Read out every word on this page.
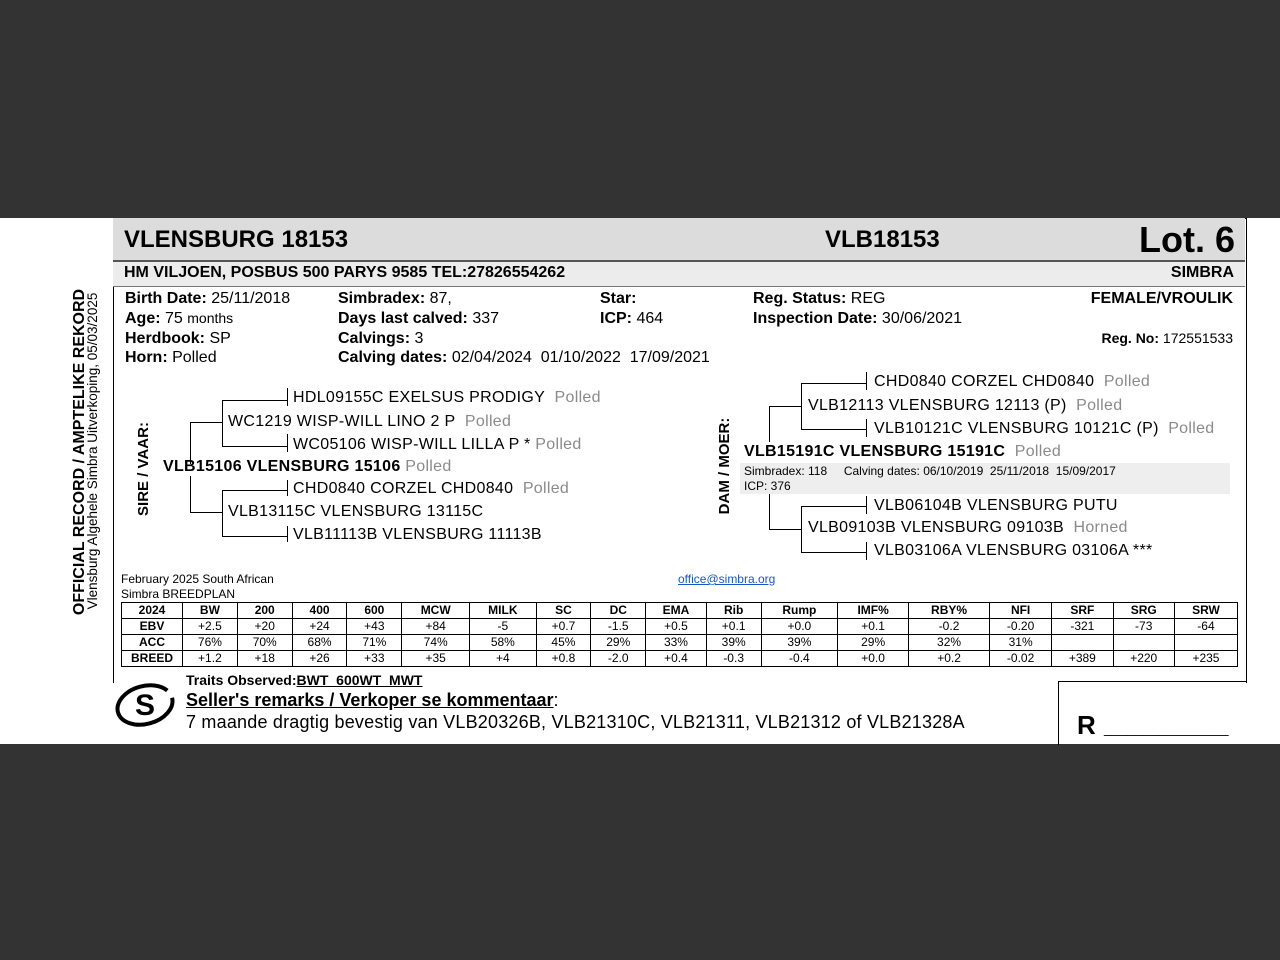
OFFICIAL RECORD / AMPTELIKE REKORD
Vlensburg Algehele Simbra Uitverkoping, 05/03/2025
VLENSBURG 18153	VLB18153	Lot. 6
HM VILJOEN, POSBUS 500 PARYS 9585 TEL:27826554262	SIMBRA
Birth Date: 25/11/2018
Age: 75 months
Herdbook: SP
Horn: Polled
Simbradex: 87,
Days last calved: 337
Calvings: 3
Calving dates: 02/04/2024  01/10/2022  17/09/2021
Star:
ICP: 464
Reg. Status: REG
Inspection Date: 30/06/2021
FEMALE/VROULIK
Reg. No: 172551533
SIRE / VAAR:
HDL09155C EXELSUS PRODIGY Polled
WC1219 WISP-WILL LINO 2 P Polled
WC05106 WISP-WILL LILLA P * Polled
VLB15106 VLENSBURG 15106 Polled
CHD0840 CORZEL CHD0840 Polled
VLB13115C VLENSBURG 13115C
VLB11113B VLENSBURG 11113B
DAM / MOER:
CHD0840 CORZEL CHD0840 Polled
VLB12113 VLENSBURG 12113 (P) Polled
VLB10121C VLENSBURG 10121C (P) Polled
VLB15191C VLENSBURG 15191C Polled
Simbradex: 118     Calving dates: 06/10/2019  25/11/2018  15/09/2017
ICP: 376
VLB06104B VLENSBURG PUTU
VLB09103B VLENSBURG 09103B Horned
VLB03106A VLENSBURG 03106A ***
February 2025 South African
Simbra BREEDPLAN
office@simbra.org
2024	BW	200	400	600	MCW	MILK	SC	DC	EMA	Rib	Rump	IMF%	RBY%	NFI	SRF	SRG	SRW
EBV	+2.5	+20	+24	+43	+84	-5	+0.7	-1.5	+0.5	+0.1	+0.0	+0.1	-0.2	-0.20	-321	-73	-64
ACC	76%	70%	68%	71%	74%	58%	45%	29%	33%	39%	39%	29%	32%	31%			
BREED	+1.2	+18	+26	+33	+35	+4	+0.8	-2.0	+0.4	-0.3	-0.4	+0.0	+0.2	-0.02	+389	+220	+235
S
Traits Observed:BWT  600WT  MWT
Seller's remarks / Verkoper se kommentaar:
7 maande dragtig bevestig van VLB20326B, VLB21310C, VLB21311, VLB21312 of VLB21328A	R ________________
